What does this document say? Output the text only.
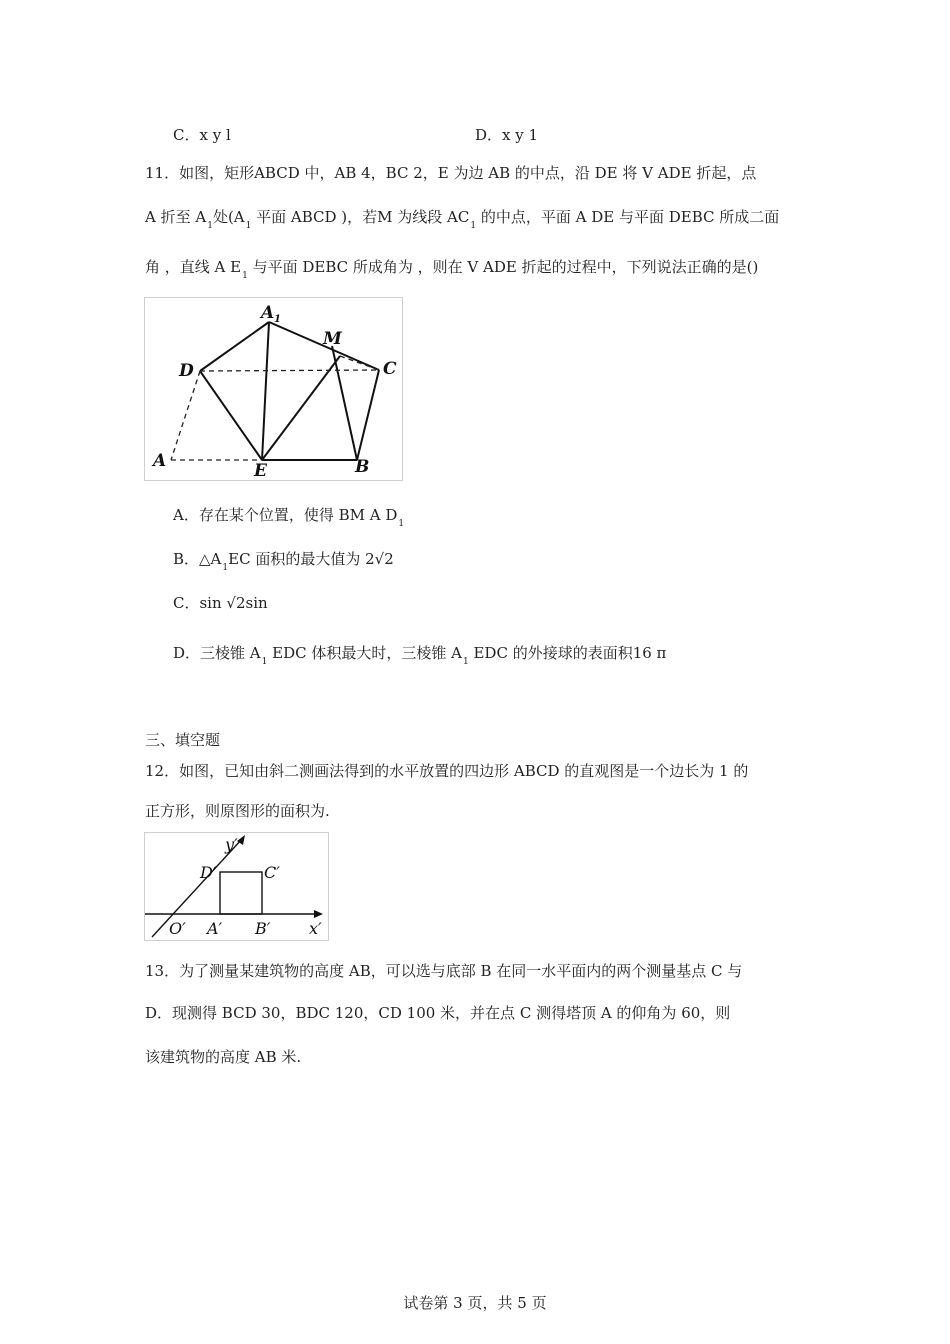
C．x y l	D．x y 1
11．如图，矩形ABCD 中，AB 4，BC 2，E 为边 AB 的中点，沿 DE 将 V ADE 折起，点
A 折至 $A_1$处($A_1$ 平面 ABCD )，若M 为线段 $AC_1$ 的中点，平面 A DE 与平面 DEBC 所成二面
角 ，直线 A $E_1$ 与平面 DEBC 所成角为 ，则在 V ADE 折起的过程中，下列说法正确的是()
A 1
M
D	C
A	E	B
A．存在某个位置，使得 BM A $D_1$
B．$\triangle A_1EC$ 面积的最大值为 2√2
C．sin √2sin
D．三棱锥 $A_1$ EDC 体积最大时，三棱锥 $A_1$ EDC 的外接球的表面积16 π
三、填空题
12．如图，已知由斜二测画法得到的水平放置的四边形 ABCD 的直观图是一个边长为 1 的
正方形，则原图形的面积为.
y′
D′	C′
O′ A′ B′ x′
13．为了测量某建筑物的高度 AB，可以选与底部 B 在同一水平面内的两个测量基点 C 与
D．现测得 BCD 30，BDC 120，CD 100 米，并在点 C 测得塔顶 A 的仰角为 60，则
该建筑物的高度 AB 米.
试卷第 3 页，共 5 页
